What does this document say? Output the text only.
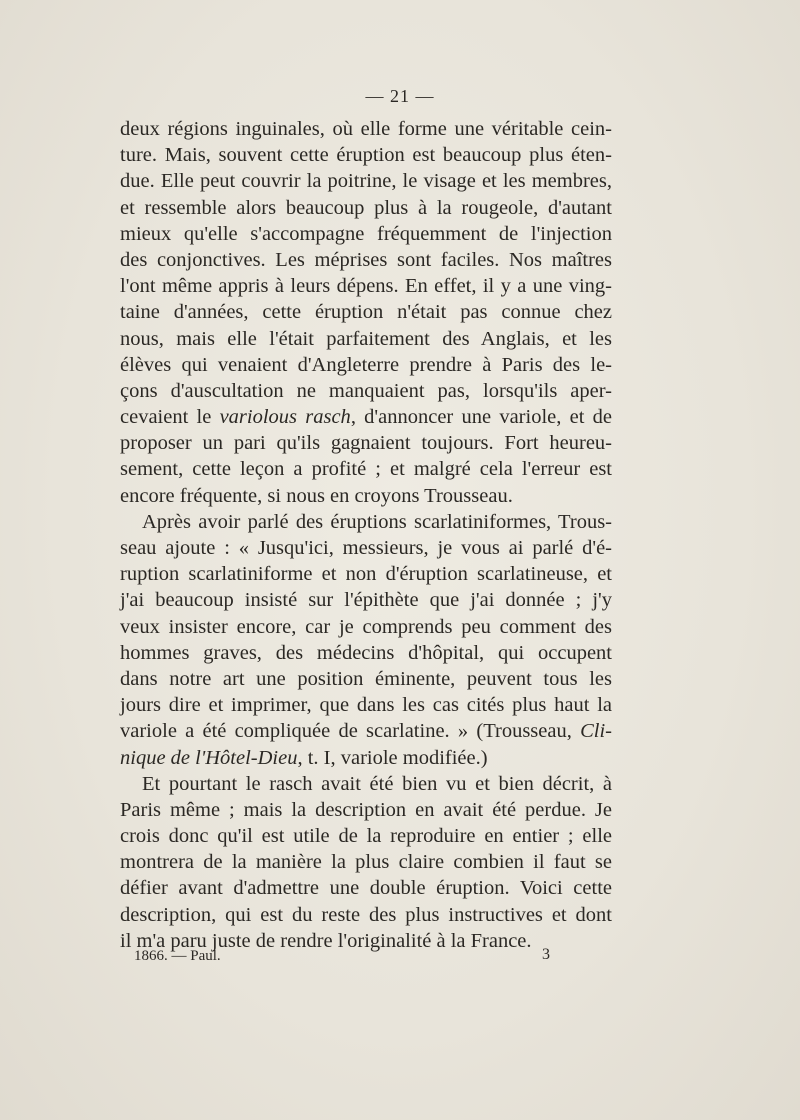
— 21 —
deux régions inguinales, où elle forme une véritable cein-
ture. Mais, souvent cette éruption est beaucoup plus éten-
due. Elle peut couvrir la poitrine, le visage et les membres,
et ressemble alors beaucoup plus à la rougeole, d'autant
mieux qu'elle s'accompagne fréquemment de l'injection
des conjonctives. Les méprises sont faciles. Nos maîtres
l'ont même appris à leurs dépens. En effet, il y a une ving-
taine d'années, cette éruption n'était pas connue chez
nous, mais elle l'était parfaitement des Anglais, et les
élèves qui venaient d'Angleterre prendre à Paris des le-
çons d'auscultation ne manquaient pas, lorsqu'ils aper-
cevaient le variolous rasch, d'annoncer une variole, et de
proposer un pari qu'ils gagnaient toujours. Fort heureu-
sement, cette leçon a profité ; et malgré cela l'erreur est
encore fréquente, si nous en croyons Trousseau.
Après avoir parlé des éruptions scarlatiniformes, Trous-
seau ajoute : « Jusqu'ici, messieurs, je vous ai parlé d'é-
ruption scarlatiniforme et non d'éruption scarlatineuse, et
j'ai beaucoup insisté sur l'épithète que j'ai donnée ; j'y
veux insister encore, car je comprends peu comment des
hommes graves, des médecins d'hôpital, qui occupent
dans notre art une position éminente, peuvent tous les
jours dire et imprimer, que dans les cas cités plus haut la
variole a été compliquée de scarlatine. » (Trousseau, Cli-
nique de l'Hôtel-Dieu, t. I, variole modifiée.)
Et pourtant le rasch avait été bien vu et bien décrit, à
Paris même ; mais la description en avait été perdue. Je
crois donc qu'il est utile de la reproduire en entier ; elle
montrera de la manière la plus claire combien il faut se
défier avant d'admettre une double éruption. Voici cette
description, qui est du reste des plus instructives et dont
il m'a paru juste de rendre l'originalité à la France.
1866. — Paul.	3
